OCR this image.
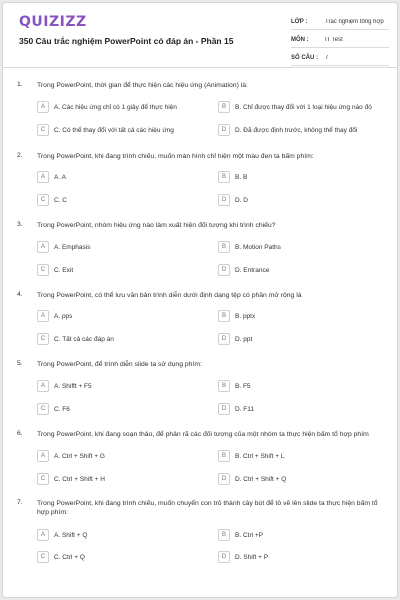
QUIZIZZ
350 Câu trắc nghiệm PowerPoint có đáp án - Phần 15
LỚP :	Trắc nghiệm tổng hợp
MÔN :	IT Test
SỐ CÂU :	7
1. Trong PowerPoint, thời gian để thực hiện các hiệu ứng (Animation) là:
A	A. Các hiệu ứng chỉ có 1 giây để thực hiện	B	B. Chỉ được thay đổi với 1 loại hiệu ứng nào đó
C	C. Có thể thay đổi với tất cả các hiệu ứng	D	D. Đã được định trước, không thể thay đổi
2. Trong PowerPoint, khi đang trình chiếu, muốn màn hình chỉ hiện một màu đen ta bấm phím:
A	A. A	B	B. B
C	C. C	D	D. D
3. Trong PowerPoint, nhóm hiệu ứng nào làm xuất hiện đối tượng khi trình chiếu?
A	A. Emphasis	B	B. Motion Paths
C	C. Exit	D	D. Entrance
4. Trong PowerPoint, có thể lưu văn bản trình diễn dưới định dạng tệp có phần mở rộng là
A	A. pps	B	B. pptx
C	C. Tất cả các đáp án	D	D. ppt
5. Trong PowerPoint, để trình diễn slide ta sử dụng phím:
A	A. Shifft + F5	B	B. F5
C	C. F6	D	D. F11
6. Trong PowerPoint, khi đang soạn thảo, để phân rã các đối tượng của một nhóm ta thực hiện bấm tổ hợp phím
A	A. Ctrl + Shift + G	B	B. Ctrl + Shift + L
C	C. Ctrl + Shift + H	D	D. Ctrl + Shift + Q
7. Trong PowerPoint, khi đang trình chiếu, muốn chuyển con trỏ thành cây bút để tô vẽ lên slide ta thực hiện bấm tổ hợp phím:
A	A. Shift + Q	B	B. Ctrl +P
C	C. Ctrl + Q	D	D. Shift + P
